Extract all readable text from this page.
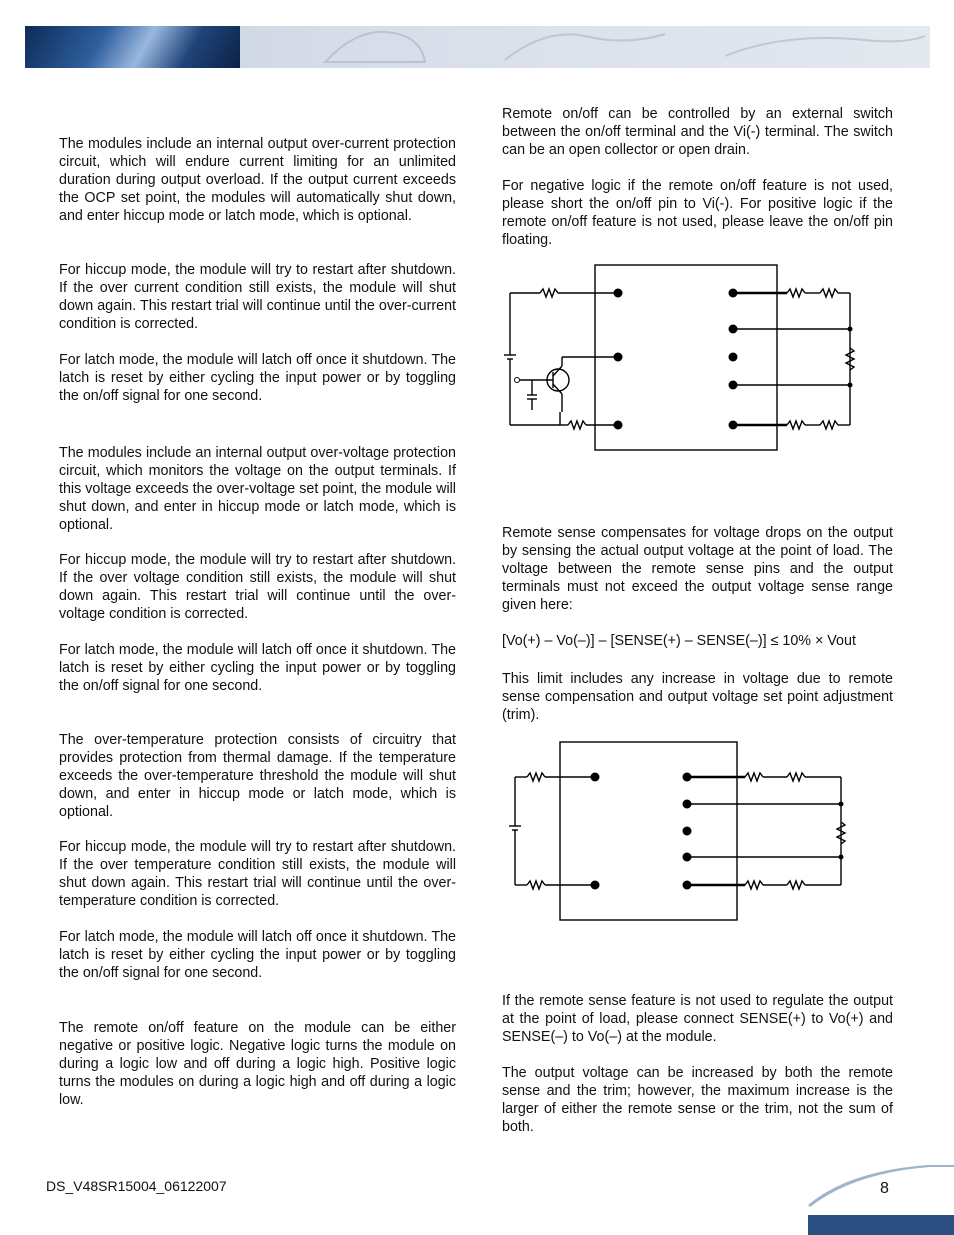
The modules include an internal output over-current protection circuit, which will endure current limiting for an unlimited duration during output overload. If the output current exceeds the OCP set point, the modules will automatically shut down, and enter hiccup mode or latch mode, which is optional.

For hiccup mode, the module will try to restart after shutdown. If the over current condition still exists, the module will shut down again. This restart trial will continue until the over-current condition is corrected.

For latch mode, the module will latch off once it shutdown. The latch is reset by either cycling the input power or by toggling the on/off signal for one second.

The modules include an internal output over-voltage protection circuit, which monitors the voltage on the output terminals. If this voltage exceeds the over-voltage set point, the module will shut down, and enter in hiccup mode or latch mode, which is optional.

For hiccup mode, the module will try to restart after shutdown. If the over voltage condition still exists, the module will shut down again. This restart trial will continue until the over-voltage condition is corrected.

For latch mode, the module will latch off once it shutdown. The latch is reset by either cycling the input power or by toggling the on/off signal for one second.

The over-temperature protection consists of circuitry that provides protection from thermal damage. If the temperature exceeds the over-temperature threshold the module will shut down, and enter in hiccup mode or latch mode, which is optional.

For hiccup mode, the module will try to restart after shutdown. If the over temperature condition still exists, the module will shut down again. This restart trial will continue until the over-temperature condition is corrected.

For latch mode, the module will latch off once it shutdown. The latch is reset by either cycling the input power or by toggling the on/off signal for one second.

The remote on/off feature on the module can be either negative or positive logic. Negative logic turns the module on during a logic low and off during a logic high. Positive logic turns the modules on during a logic high and off during a logic low.

Remote on/off can be controlled by an external switch between the on/off terminal and the Vi(-) terminal. The switch can be an open collector or open drain.

For negative logic if the remote on/off feature is not used, please short the on/off pin to Vi(-). For positive logic if the remote on/off feature is not used, please leave the on/off pin floating.

Remote sense compensates for voltage drops on the output by sensing the actual output voltage at the point of load. The voltage between the remote sense pins and the output terminals must not exceed the output voltage sense range given here:

[Vo(+) – Vo(–)] – [SENSE(+) – SENSE(–)] ≤ 10% × Vout

This limit includes any increase in voltage due to remote sense compensation and output voltage set point adjustment (trim).

If the remote sense feature is not used to regulate the output at the point of load, please connect SENSE(+) to Vo(+) and SENSE(–) to Vo(–) at the module.

The output voltage can be increased by both the remote sense and the trim; however, the maximum increase is the larger of either the remote sense or the trim, not the sum of both.

DS_V48SR15004_06122007	8
